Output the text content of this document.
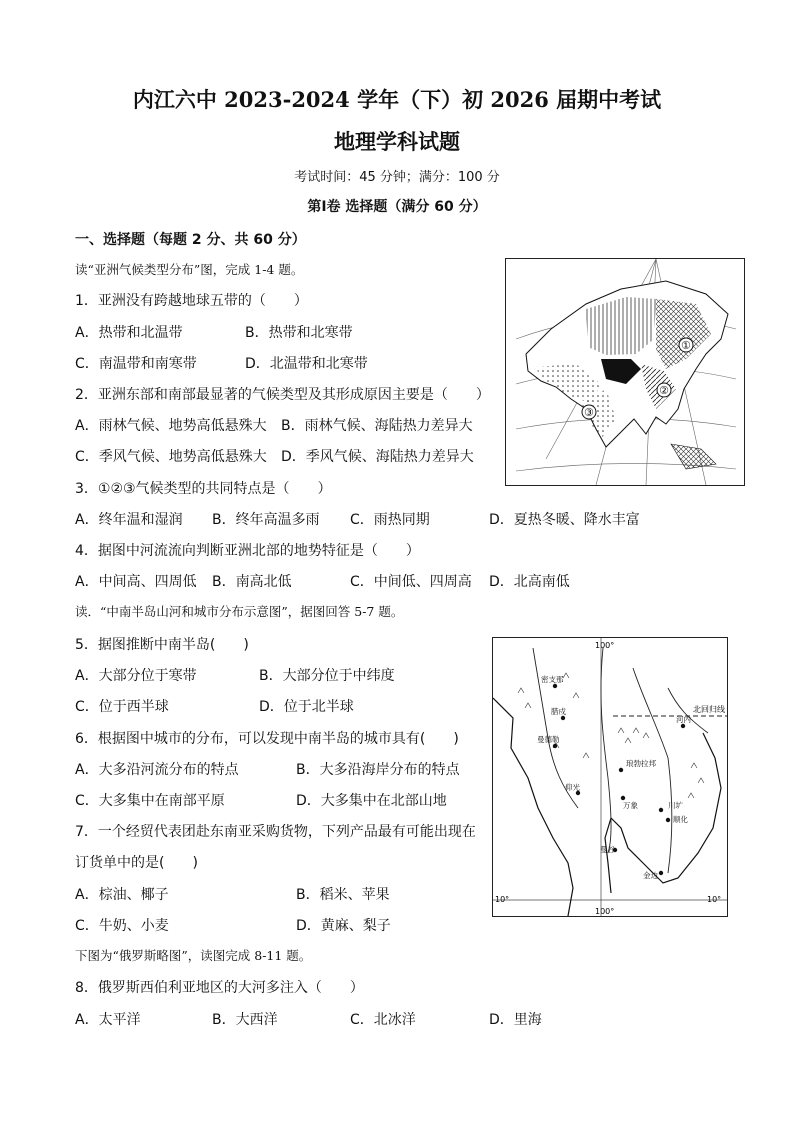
内江六中 2023-2024 学年（下）初 2026 届期中考试
地理学科试题
考试时间：45 分钟；满分：100 分
第Ⅰ卷 选择题（满分 60 分）
一、选择题（每题 2 分、共 60 分）
读“亚洲气候类型分布”图，完成 1-4 题。
1．亚洲没有跨越地球五带的（　　）
A．热带和北温带	B．热带和北寒带
C．南温带和南寒带	D．北温带和北寒带
2．亚洲东部和南部最显著的气候类型及其形成原因主要是（　　）
A．雨林气候、地势高低悬殊大 B．雨林气候、海陆热力差异大
C．季风气候、地势高低悬殊大 D．季风气候、海陆热力差异大
3．①②③气候类型的共同特点是（　　）
A．终年温和湿润 B．终年高温多雨 C．雨热同期	D．夏热冬暖、降水丰富
4．据图中河流流向判断亚洲北部的地势特征是（　　）
A．中间高、四周低 B．南高北低	C．中间低、四周高 D．北高南低
读．“中南半岛山河和城市分布示意图”，据图回答 5-7 题。
5．据图推断中南半岛(　　)
A．大部分位于寒带	B．大部分位于中纬度
C．位于西半球	D．位于北半球
6．根据图中城市的分布，可以发现中南半岛的城市具有(　　)
A．大多沿河流分布的特点	B．大多沿海岸分布的特点
C．大多集中在南部平原	D．大多集中在北部山地
7．一个经贸代表团赴东南亚采购货物，下列产品最有可能出现在
订货单中的是(　　)
A．棕油、椰子	B．稻米、苹果
C．牛奶、小麦	D．黄麻、梨子
下图为“俄罗斯略图”，读图完成 8-11 题。
8．俄罗斯西伯利亚地区的大河多注入（　　）
A．太平洋	B．大西洋	C．北冰洋	D．里海
①
②
③
100°
100°
10°	10°
北回归线
密支那
腊戍
曼德勒
河内
琅勃拉邦
万象	川圹
顺化
仰光
曼谷
金边
